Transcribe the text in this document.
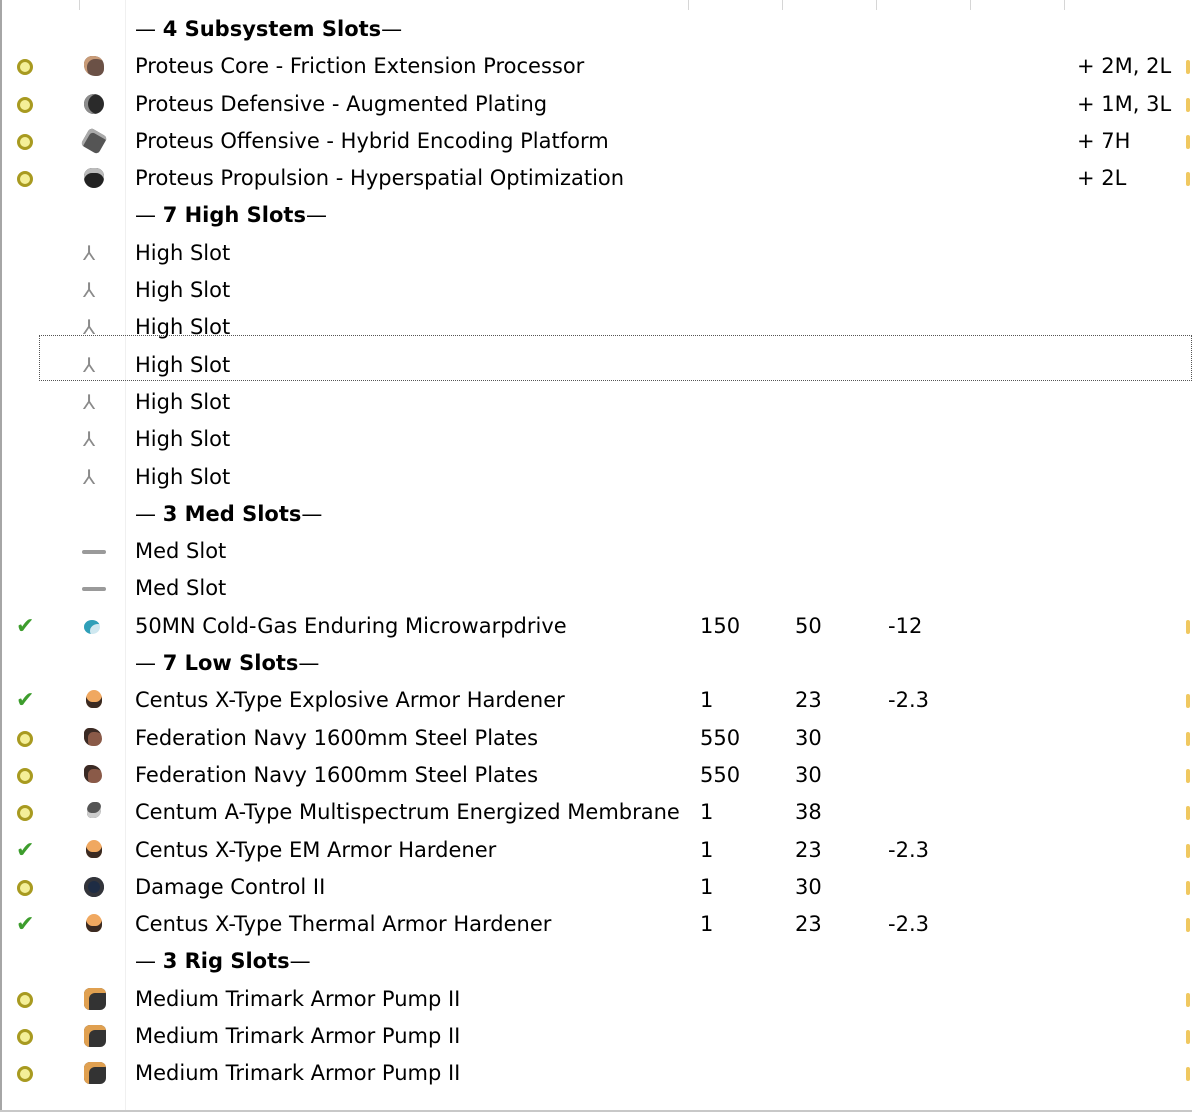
— 4 Subsystem Slots—
Proteus Core - Friction Extension Processor	+ 2M, 2L
Proteus Defensive - Augmented Plating	+ 1M, 3L
Proteus Offensive - Hybrid Encoding Platform	+ 7H
Proteus Propulsion - Hyperspatial Optimization	+ 2L
— 7 High Slots—
⅄ High Slot
⅄ High Slot
⅄ High Slot
⅄ High Slot
⅄ High Slot
⅄ High Slot
⅄ High Slot
— 3 Med Slots—
Med Slot
Med Slot
✔	50MN Cold-Gas Enduring Microwarpdrive	150	50	-12
— 7 Low Slots—
✔	Centus X-Type Explosive Armor Hardener	1	23	-2.3
Federation Navy 1600mm Steel Plates	550	30
Federation Navy 1600mm Steel Plates	550	30
Centum A-Type Multispectrum Energized Membrane 1	38
✔	Centus X-Type EM Armor Hardener	1	23	-2.3
Damage Control II	1	30
✔	Centus X-Type Thermal Armor Hardener	1	23	-2.3
— 3 Rig Slots—
Medium Trimark Armor Pump II
Medium Trimark Armor Pump II
Medium Trimark Armor Pump II
